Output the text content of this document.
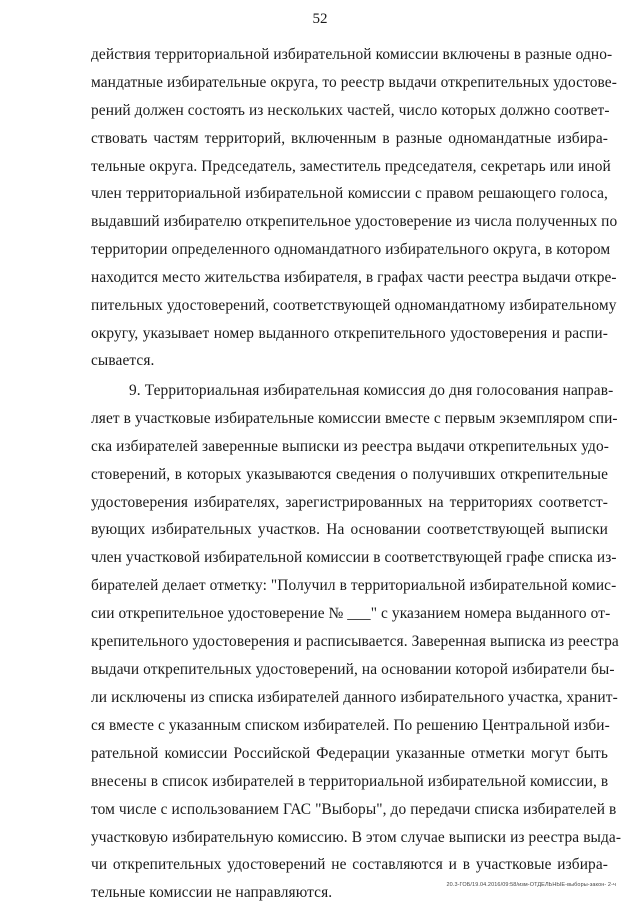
52
действия территориальной избирательной комиссии включены в разные одно-
мандатные избирательные округа, то реестр выдачи открепительных удостове-
рений должен состоять из нескольких частей, число которых должно соответ-
ствовать частям территорий, включенным в разные одномандатные избира-
тельные округа. Председатель, заместитель председателя, секретарь или иной
член территориальной избирательной комиссии с правом решающего голоса,
выдавший избирателю открепительное удостоверение из числа полученных по
территории определенного одномандатного избирательного округа, в котором
находится место жительства избирателя, в графах части реестра выдачи откре-
пительных удостоверений, соответствующей одномандатному избирательному
округу, указывает номер выданного открепительного удостоверения и распи-
сывается.
9. Территориальная избирательная комиссия до дня голосования направ-
ляет в участковые избирательные комиссии вместе с первым экземпляром спи-
ска избирателей заверенные выписки из реестра выдачи открепительных удо-
стоверений, в которых указываются сведения о получивших открепительные
удостоверения избирателях, зарегистрированных на территориях соответст-
вующих избирательных участков. На основании соответствующей выписки
член участковой избирательной комиссии в соответствующей графе списка из-
бирателей делает отметку: "Получил в территориальной избирательной комис-
сии открепительное удостоверение № ___" с указанием номера выданного от-
крепительного удостоверения и расписывается. Заверенная выписка из реестра
выдачи открепительных удостоверений, на основании которой избиратели бы-
ли исключены из списка избирателей данного избирательного участка, хранит-
ся вместе с указанным списком избирателей. По решению Центральной изби-
рательной комиссии Российской Федерации указанные отметки могут быть
внесены в список избирателей в территориальной избирательной комиссии, в
том числе с использованием ГАС "Выборы", до передачи списка избирателей в
участковую избирательную комиссию. В этом случае выписки из реестра выда-
чи открепительных удостоверений не составляются и в участковые избира-
тельные комиссии не направляются.	20.3-ГОБ/19.04.2016/09:58/изм-ОТДЕЛЬНЫЕ-выборы-закон- 2-ч
